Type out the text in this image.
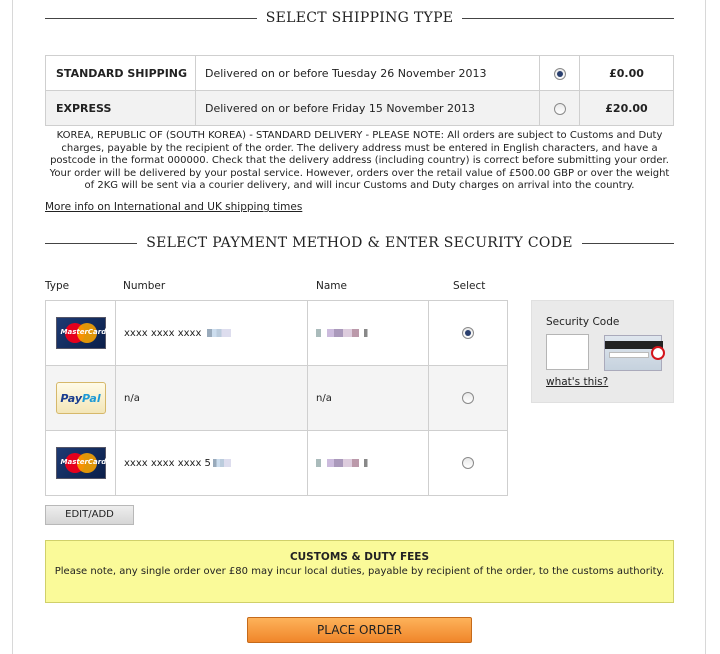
SELECT SHIPPING TYPE
STANDARD SHIPPING	Delivered on or before Tuesday 26 November 2013		£0.00
EXPRESS	Delivered on or before Friday 15 November 2013		£20.00
KOREA, REPUBLIC OF (SOUTH KOREA) - STANDARD DELIVERY - PLEASE NOTE: All orders are subject to Customs and Duty charges, payable by the recipient of the order. The delivery address must be entered in English characters, and have a postcode in the format 000000. Check that the delivery address (including country) is correct before submitting your order. Your order will be delivered by your postal service. However, orders over the retail value of £500.00 GBP or over the weight of 2KG will be sent via a courier delivery, and will incur Customs and Duty charges on arrival into the country.
More info on International and UK shipping times
SELECT PAYMENT METHOD & ENTER SECURITY CODE
Type	Number	Name	Select
MasterCard	xxxx xxxx xxxx		

Pay Pal	n/a	n/a	

MasterCard	xxxx xxxx xxxx 5		
Security Code
what's this?
EDIT/ADD
CUSTOMS & DUTY FEES
Please note, any single order over £80 may incur local duties, payable by recipient of the order, to the customs authority.
PLACE ORDER
